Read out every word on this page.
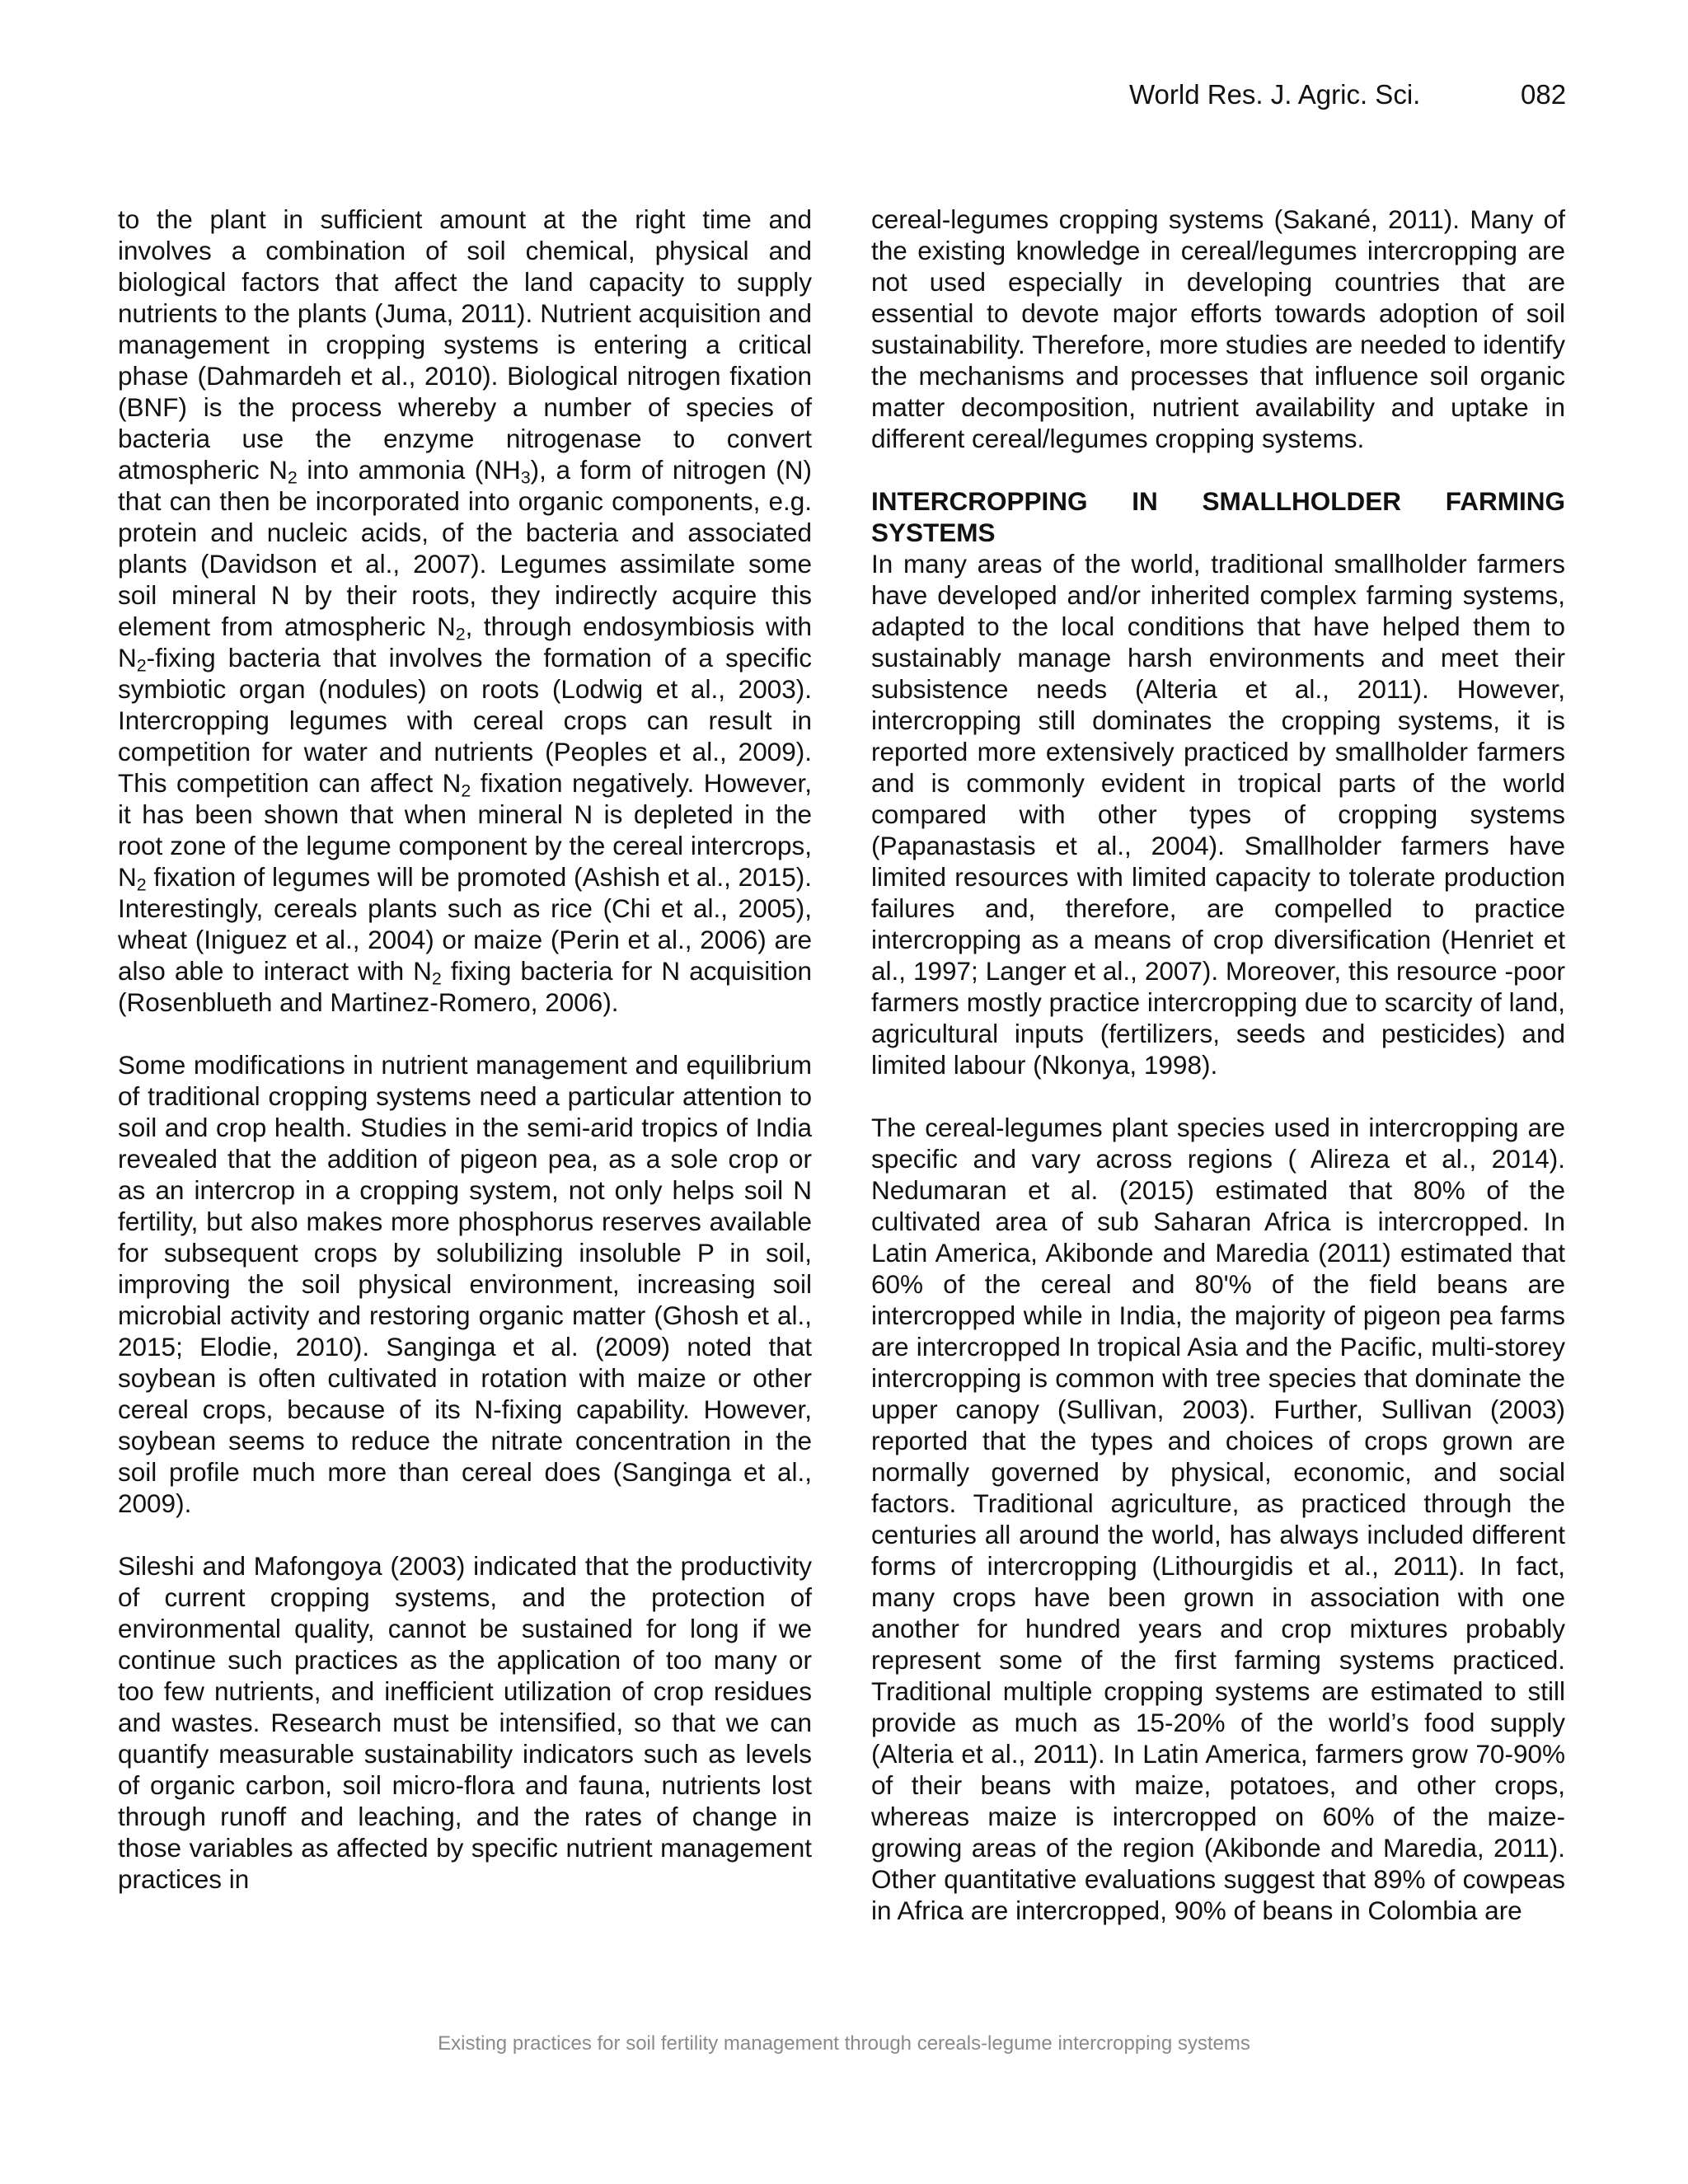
World Res. J. Agric. Sci.	082

to the plant in sufficient amount at the right time and involves a combination of soil chemical, physical and biological factors that affect the land capacity to supply nutrients to the plants (Juma, 2011). Nutrient acquisition and management in cropping systems is entering a critical phase (Dahmardeh et al., 2010). Biological nitrogen fixation (BNF) is the process whereby a number of species of bacteria use the enzyme nitrogenase to convert atmospheric $N_2$ into ammonia $(NH_3)$, a form of nitrogen (N) that can then be incorporated into organic components, e.g. protein and nucleic acids, of the bacteria and associated plants (Davidson et al., 2007). Legumes assimilate some soil mineral N by their roots, they indirectly acquire this element from atmospheric $N_2$, through endosymbiosis with $N_2$-fixing bacteria that involves the formation of a specific symbiotic organ (nodules) on roots (Lodwig et al., 2003). Intercropping legumes with cereal crops can result in competition for water and nutrients (Peoples et al., 2009). This competition can affect $N_2$ fixation negatively. However, it has been shown that when mineral N is depleted in the root zone of the legume component by the cereal intercrops, $N_2$ fixation of legumes will be promoted (Ashish et al., 2015). Interestingly, cereals plants such as rice (Chi et al., 2005), wheat (Iniguez et al., 2004) or maize (Perin et al., 2006) are also able to interact with $N_2$ fixing bacteria for N acquisition (Rosenblueth and Martinez-Romero, 2006).

Some modifications in nutrient management and equilibrium of traditional cropping systems need a particular attention to soil and crop health. Studies in the semi-arid tropics of India revealed that the addition of pigeon pea, as a sole crop or as an intercrop in a cropping system, not only helps soil N fertility, but also makes more phosphorus reserves available for subsequent crops by solubilizing insoluble P in soil, improving the soil physical environment, increasing soil microbial activity and restoring organic matter (Ghosh et al., 2015; Elodie, 2010). Sanginga et al. (2009) noted that soybean is often cultivated in rotation with maize or other cereal crops, because of its N-fixing capability. However, soybean seems to reduce the nitrate concentration in the soil profile much more than cereal does (Sanginga et al., 2009).

Sileshi and Mafongoya (2003) indicated that the productivity of current cropping systems, and the protection of environmental quality, cannot be sustained for long if we continue such practices as the application of too many or too few nutrients, and inefficient utilization of crop residues and wastes. Research must be intensified, so that we can quantify measurable sustainability indicators such as levels of organic carbon, soil micro-flora and fauna, nutrients lost through runoff and leaching, and the rates of change in those variables as affected by specific nutrient management practices in

cereal-legumes cropping systems (Sakané, 2011). Many of the existing knowledge in cereal/legumes intercropping are not used especially in developing countries that are essential to devote major efforts towards adoption of soil sustainability. Therefore, more studies are needed to identify the mechanisms and processes that influence soil organic matter decomposition, nutrient availability and uptake in different cereal/legumes cropping systems.

INTERCROPPING IN SMALLHOLDER FARMING SYSTEMS

In many areas of the world, traditional smallholder farmers have developed and/or inherited complex farming systems, adapted to the local conditions that have helped them to sustainably manage harsh environments and meet their subsistence needs (Alteria et al., 2011). However, intercropping still dominates the cropping systems, it is reported more extensively practiced by smallholder farmers and is commonly evident in tropical parts of the world compared with other types of cropping systems (Papanastasis et al., 2004). Smallholder farmers have limited resources with limited capacity to tolerate production failures and, therefore, are compelled to practice intercropping as a means of crop diversification (Henriet et al., 1997; Langer et al., 2007). Moreover, this resource -poor farmers mostly practice intercropping due to scarcity of land, agricultural inputs (fertilizers, seeds and pesticides) and limited labour (Nkonya, 1998).

The cereal-legumes plant species used in intercropping are specific and vary across regions ( Alireza et al., 2014). Nedumaran et al. (2015) estimated that 80% of the cultivated area of sub Saharan Africa is intercropped. In Latin America, Akibonde and Maredia (2011) estimated that 60% of the cereal and 80'% of the field beans are intercropped while in India, the majority of pigeon pea farms are intercropped In tropical Asia and the Pacific, multi-storey intercropping is common with tree species that dominate the upper canopy (Sullivan, 2003). Further, Sullivan (2003) reported that the types and choices of crops grown are normally governed by physical, economic, and social factors. Traditional agriculture, as practiced through the centuries all around the world, has always included different forms of intercropping (Lithourgidis et al., 2011). In fact, many crops have been grown in association with one another for hundred years and crop mixtures probably represent some of the first farming systems practiced. Traditional multiple cropping systems are estimated to still provide as much as 15-20% of the world’s food supply (Alteria et al., 2011). In Latin America, farmers grow 70-90% of their beans with maize, potatoes, and other crops, whereas maize is intercropped on 60% of the maize-growing areas of the region (Akibonde and Maredia, 2011). Other quantitative evaluations suggest that 89% of cowpeas in Africa are intercropped, 90% of beans in Colombia are

Existing practices for soil fertility management through cereals-legume intercropping systems
